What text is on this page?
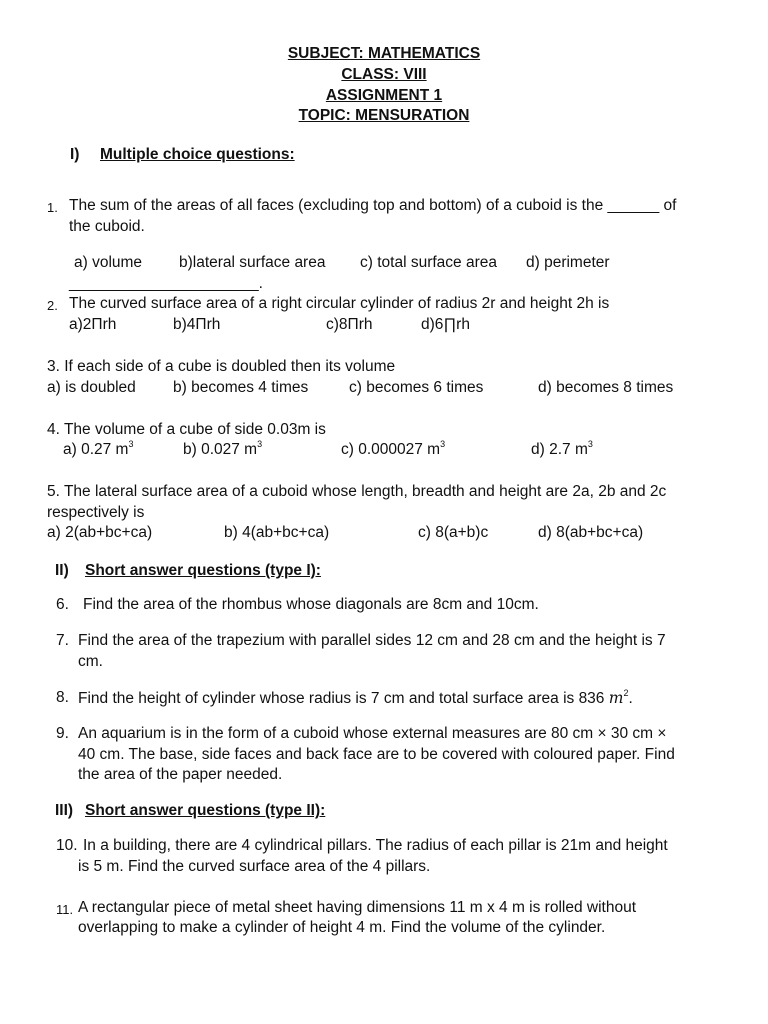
SUBJECT: MATHEMATICS
CLASS: VIII
ASSIGNMENT 1
TOPIC: MENSURATION
I) Multiple choice questions:
1. The sum of the areas of all faces (excluding top and bottom) of a cuboid is the ______ of
the cuboid.
a) volume b)lateral surface area c) total surface area d) perimeter
______________________.
2. The curved surface area of a right circular cylinder of radius 2r and height 2h is
a)2Πrh	b)4Πrh	c)8Πrh	d)6∏rh
3. If each side of a cube is doubled then its volume
a) is doubled b) becomes 4 times	c) becomes 6 times	d) becomes 8 times
4. The volume of a cube of side 0.03m is
a) 0.27 $m^3$	b) 0.027 $m^3$	c) 0.000027 $m^3$	d) 2.7 $m^3$
5. The lateral surface area of a cuboid whose length, breadth and height are 2a, 2b and 2c
respectively is
a) 2(ab+bc+ca)	b) 4(ab+bc+ca)	c) 8(a+b)c	d) 8(ab+bc+ca)
II) Short answer questions (type I):
6. Find the area of the rhombus whose diagonals are 8cm and 10cm.
7. Find the area of the trapezium with parallel sides 12 cm and 28 cm and the height is 7
cm.
8. Find the height of cylinder whose radius is 7 cm and total surface area is 836 $m^2$.
9. An aquarium is in the form of a cuboid whose external measures are 80 cm × 30 cm ×
40 cm. The base, side faces and back face are to be covered with coloured paper. Find
the area of the paper needed.
III) Short answer questions (type II):
10. In a building, there are 4 cylindrical pillars. The radius of each pillar is 21m and height
is 5 m. Find the curved surface area of the 4 pillars.
11. A rectangular piece of metal sheet having dimensions 11 m x 4 m is rolled without
overlapping to make a cylinder of height 4 m. Find the volume of the cylinder.
